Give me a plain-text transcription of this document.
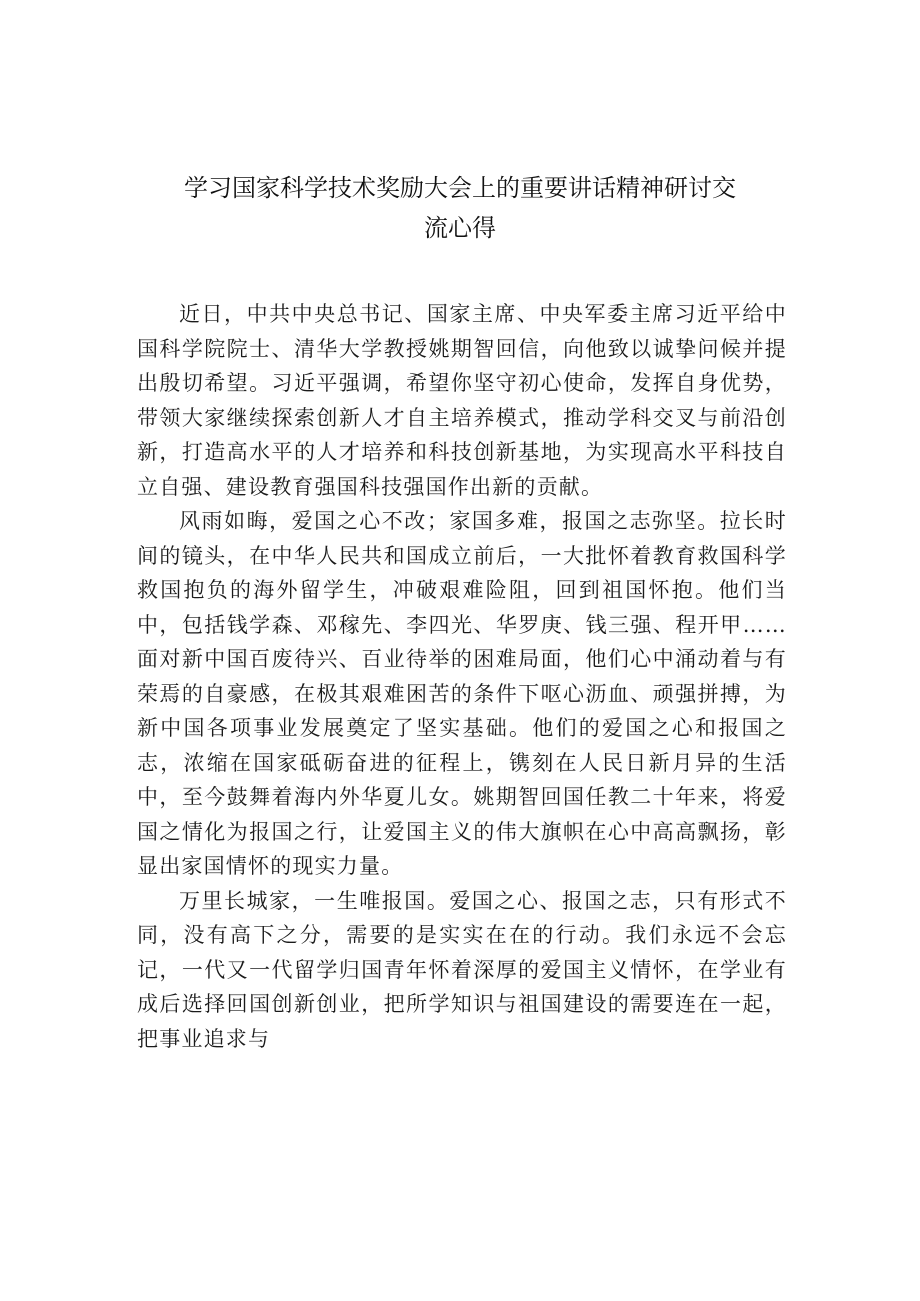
学习国家科学技术奖励大会上的重要讲话精神研讨交
流心得

近日，中共中央总书记、国家主席、中央军委主席习近平给中国科学院院士、清华大学教授姚期智回信，向他致以诚挚问候并提出殷切希望。习近平强调，希望你坚守初心使命，发挥自身优势，带领大家继续探索创新人才自主培养模式，推动学科交叉与前沿创新，打造高水平的人才培养和科技创新基地，为实现高水平科技自立自强、建设教育强国科技强国作出新的贡献。

风雨如晦，爱国之心不改；家国多难，报国之志弥坚。拉长时间的镜头，在中华人民共和国成立前后，一大批怀着教育救国科学救国抱负的海外留学生，冲破艰难险阻，回到祖国怀抱。他们当中，包括钱学森、邓稼先、李四光、华罗庚、钱三强、程开甲……面对新中国百废待兴、百业待举的困难局面，他们心中涌动着与有荣焉的自豪感，在极其艰难困苦的条件下呕心沥血、顽强拼搏，为新中国各项事业发展奠定了坚实基础。他们的爱国之心和报国之志，浓缩在国家砥砺奋进的征程上，镌刻在人民日新月异的生活中，至今鼓舞着海内外华夏儿女。姚期智回国任教二十年来，将爱国之情化为报国之行，让爱国主义的伟大旗帜在心中高高飘扬，彰显出家国情怀的现实力量。

万里长城家，一生唯报国。爱国之心、报国之志，只有形式不同，没有高下之分，需要的是实实在在的行动。我们永远不会忘记，一代又一代留学归国青年怀着深厚的爱国主义情怀，在学业有成后选择回国创新创业，把所学知识与祖国建设的需要连在一起，把事业追求与
